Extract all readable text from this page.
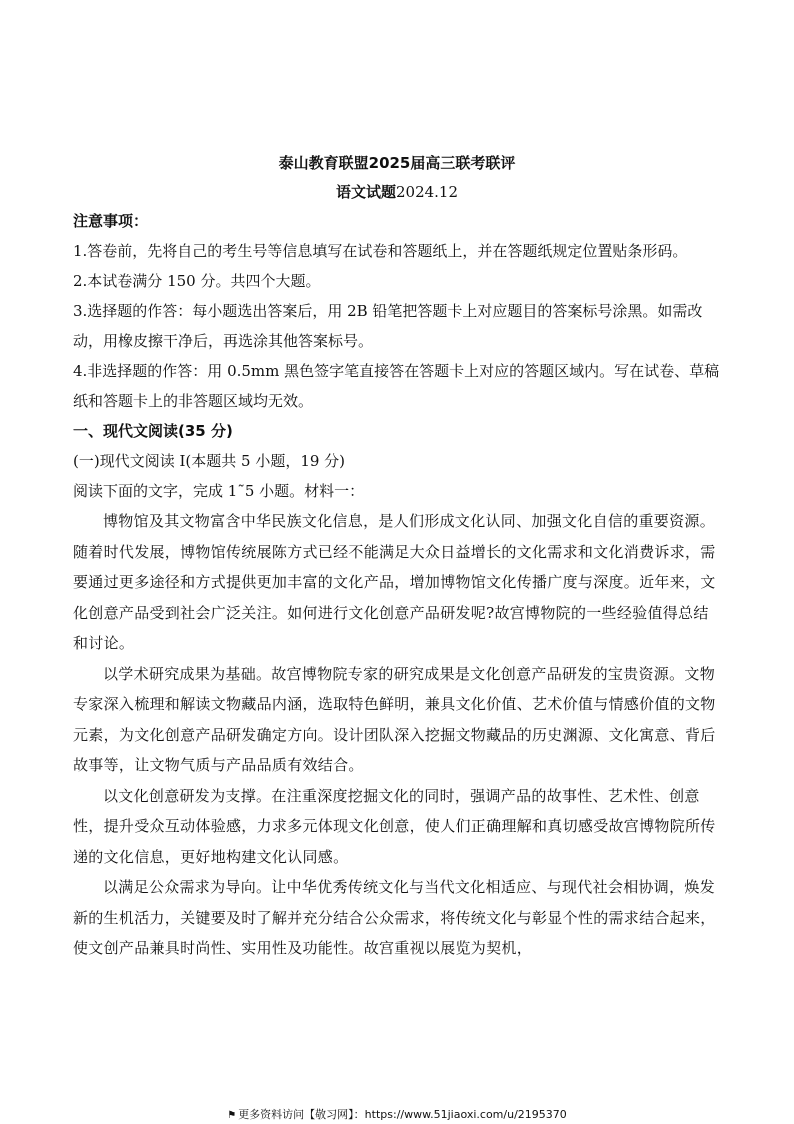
泰山教育联盟2025届高三联考联评

语文试题2024.12

注意事项：

1.答卷前，先将自己的考生号等信息填写在试卷和答题纸上，并在答题纸规定位置贴条形码。

2.本试卷满分 150 分。共四个大题。

3.选择题的作答：每小题选出答案后，用 2B 铅笔把答题卡上对应题目的答案标号涂黑。如需改动，用橡皮擦干净后，再选涂其他答案标号。

4.非选择题的作答：用 0.5mm 黑色签字笔直接答在答题卡上对应的答题区域内。写在试卷、草稿纸和答题卡上的非答题区域均无效。

一、现代文阅读(35 分)

(一)现代文阅读 I(本题共 5 小题，19 分)

阅读下面的文字，完成 1˜5 小题。材料一：

博物馆及其文物富含中华民族文化信息，是人们形成文化认同、加强文化自信的重要资源。随着时代发展，博物馆传统展陈方式已经不能满足大众日益增长的文化需求和文化消费诉求，需要通过更多途径和方式提供更加丰富的文化产品，增加博物馆文化传播广度与深度。近年来，文化创意产品受到社会广泛关注。如何进行文化创意产品研发呢?故宫博物院的一些经验值得总结和讨论。

以学术研究成果为基础。故宫博物院专家的研究成果是文化创意产品研发的宝贵资源。文物专家深入梳理和解读文物藏品内涵，选取特色鲜明，兼具文化价值、艺术价值与情感价值的文物元素，为文化创意产品研发确定方向。设计团队深入挖掘文物藏品的历史渊源、文化寓意、背后故事等，让文物气质与产品品质有效结合。

以文化创意研发为支撑。在注重深度挖掘文化的同时，强调产品的故事性、艺术性、创意性，提升受众互动体验感，力求多元体现文化创意，使人们正确理解和真切感受故宫博物院所传递的文化信息，更好地构建文化认同感。

以满足公众需求为导向。让中华优秀传统文化与当代文化相适应、与现代社会相协调，焕发新的生机活力，关键要及时了解并充分结合公众需求，将传统文化与彰显个性的需求结合起来，使文创产品兼具时尚性、实用性及功能性。故宫重视以展览为契机，

⚑ 更多资料访问【敬习网】：https://www.51jiaoxi.com/u/2195370
